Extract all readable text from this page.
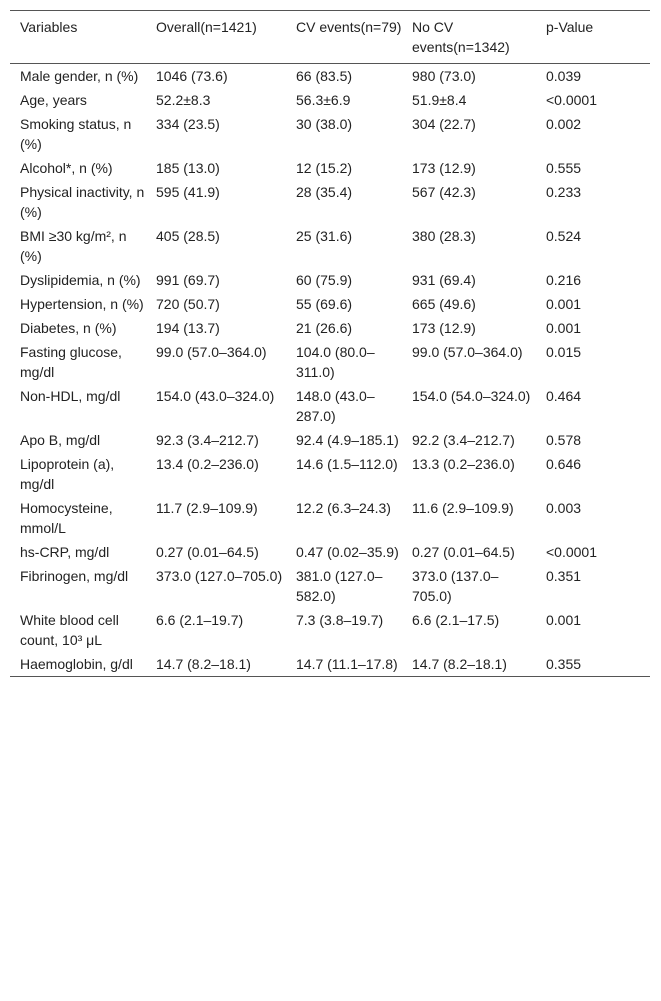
Variables	Overall(n=1421)	CV events(n=79)	No CV events(n=1342)	p-Value
Male gender, n (%)	1046 (73.6)	66 (83.5)	980 (73.0)	0.039
Age, years	52.2±8.3	56.3±6.9	51.9±8.4	<0.0001
Smoking status, n (%)	334 (23.5)	30 (38.0)	304 (22.7)	0.002
Alcohol*, n (%)	185 (13.0)	12 (15.2)	173 (12.9)	0.555
Physical inactivity, n (%)	595 (41.9)	28 (35.4)	567 (42.3)	0.233
BMI ≥30 kg/m², n (%)	405 (28.5)	25 (31.6)	380 (28.3)	0.524
Dyslipidemia, n (%)	991 (69.7)	60 (75.9)	931 (69.4)	0.216
Hypertension, n (%)	720 (50.7)	55 (69.6)	665 (49.6)	0.001
Diabetes, n (%)	194 (13.7)	21 (26.6)	173 (12.9)	0.001
Fasting glucose, mg/dl	99.0 (57.0–364.0)	104.0 (80.0–311.0)	99.0 (57.0–364.0)	0.015
Non-HDL, mg/dl	154.0 (43.0–324.0)	148.0 (43.0–287.0)	154.0 (54.0–324.0)	0.464
Apo B, mg/dl	92.3 (3.4–212.7)	92.4 (4.9–185.1)	92.2 (3.4–212.7)	0.578
Lipoprotein (a), mg/dl	13.4 (0.2–236.0)	14.6 (1.5–112.0)	13.3 (0.2–236.0)	0.646
Homocysteine, mmol/L	11.7 (2.9–109.9)	12.2 (6.3–24.3)	11.6 (2.9–109.9)	0.003
hs-CRP, mg/dl	0.27 (0.01–64.5)	0.47 (0.02–35.9)	0.27 (0.01–64.5)	<0.0001
Fibrinogen, mg/dl	373.0 (127.0–705.0)	381.0 (127.0–582.0)	373.0 (137.0–705.0)	0.351
White blood cell count, 10³ μL	6.6 (2.1–19.7)	7.3 (3.8–19.7)	6.6 (2.1–17.5)	0.001
Haemoglobin, g/dl	14.7 (8.2–18.1)	14.7 (11.1–17.8)	14.7 (8.2–18.1)	0.355
